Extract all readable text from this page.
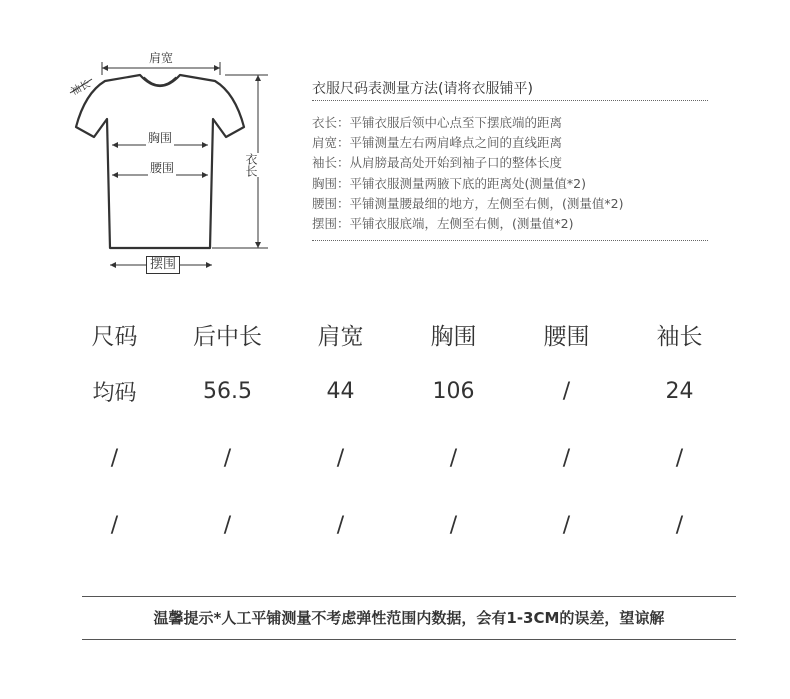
肩宽
袖长
胸围
腰围	衣长
摆围
衣服尺码表测量方法(请将衣服铺平)
衣长：平铺衣服后领中心点至下摆底端的距离
肩宽：平铺测量左右两肩峰点之间的直线距离
袖长：从肩膀最高处开始到袖子口的整体长度
胸围：平铺衣服测量两腋下底的距离处(测量值*2)
腰围：平铺测量腰最细的地方，左侧至右侧，(测量值*2)
摆围：平铺衣服底端，左侧至右侧，(测量值*2)
尺码	后中长	肩宽	胸围	腰围	袖长
均码	56.5	44	106	/	24
/	/	/	/	/	/
/	/	/	/	/	/
温馨提示*人工平铺测量不考虑弹性范围内数据，会有1-3CM的误差，望谅解
